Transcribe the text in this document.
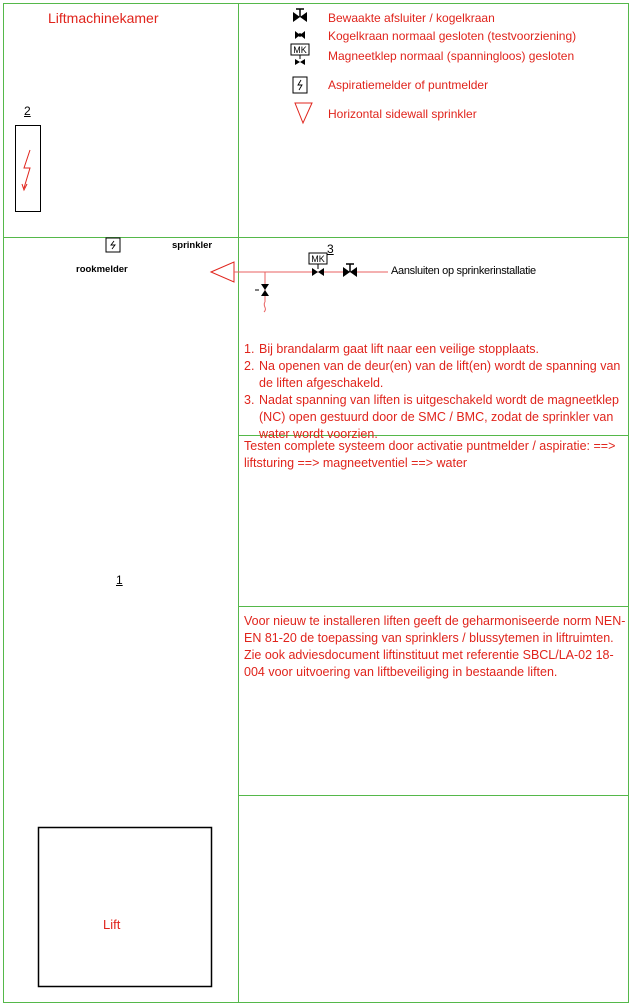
MK
MK
Liftmachinekamer
2
1
3
sprinkler
rookmelder	Aansluiten op sprinkerinstallatie
Bewaakte afsluiter / kogelkraan
Kogelkraan normaal gesloten (testvoorziening)
Magneetklep normaal (spanningloos) gesloten
Aspiratiemelder of puntmelder
Horizontal sidewall sprinkler
1. Bij brandalarm gaat lift naar een veilige stopplaats.
2. Na openen van de deur(en) van de lift(en) wordt de spanning van de liften afgeschakeld.
3. Nadat spanning van liften is uitgeschakeld wordt de magneetklep (NC) open gestuurd door de SMC / BMC, zodat de sprinkler van water wordt voorzien.
Testen complete systeem door activatie puntmelder / aspiratie: ==> liftsturing ==> magneetventiel ==> water
Voor nieuw te installeren liften geeft de geharmoniseerde norm NEN-EN 81-20 de toepassing van sprinklers / blussytemen in liftruimten. Zie ook adviesdocument liftinstituut met referentie SBCL/LA-02 18-004 voor uitvoering van liftbeveiliging in bestaande liften.
Lift
